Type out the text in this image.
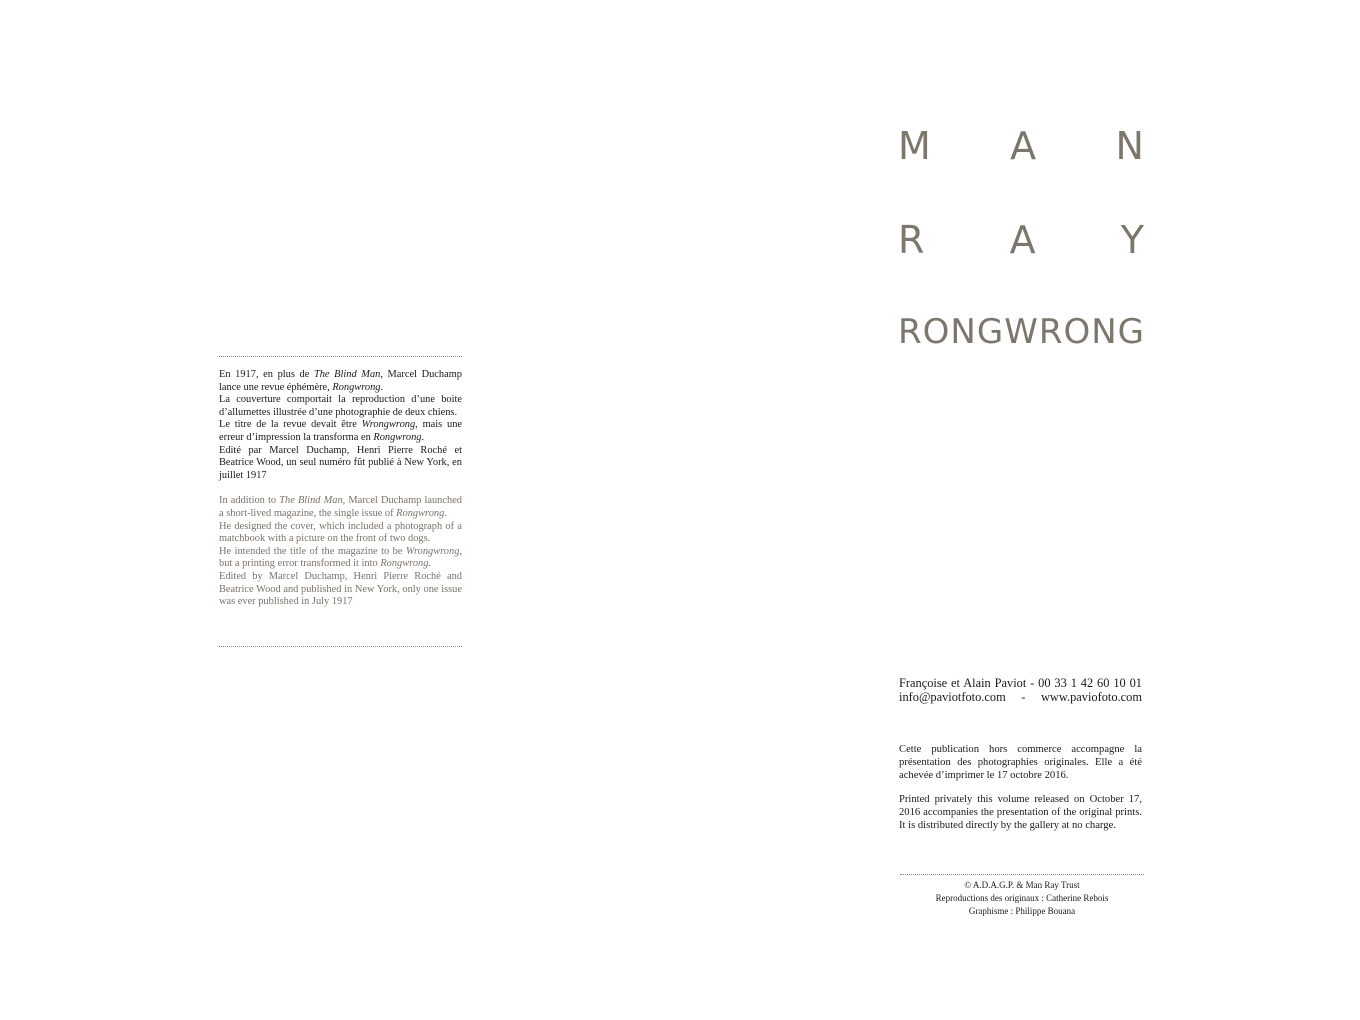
En 1917, en plus de The Blind Man, Marcel Duchamp lance une revue éphémère, Rongwrong.
La couverture comportait la reproduction d’une boite d’allumettes illustrée d’une photographie de deux chiens.
Le titre de la revue devait être Wrongwrong, mais une erreur d’impression la transforma en Rongwrong.
Edité par Marcel Duchamp, Henri Pierre Roché et Beatrice Wood, un seul numéro fût publié à New York, en juillet 1917

In addition to The Blind Man, Marcel Duchamp launched a short-lived magazine, the single issue of Rongwrong.
He designed the cover, which included a photograph of a matchbook with a picture on the front of two dogs.
He intended the title of the magazine to be Wrongwrong, but a printing error transformed it into Rongwrong.
Edited by Marcel Duchamp, Henri Pierre Roché and Beatrice Wood and published in New York, only one issue was ever published in July 1917

M A N
R A Y
R O N G W R O N G
Françoise et Alain Paviot - 00 33 1 42 60 10 01
info@paviotfoto.com - www.paviofoto.com

Cette publication hors commerce accompagne la présentation des photographies originales. Elle a été achevée d’imprimer le 17 octobre 2016.

Printed privately this volume released on October 17, 2016 accompanies the presentation of the original prints. It is distributed directly by the gallery at no charge.

© A.D.A.G.P. & Man Ray Trust
Reproductions des originaux : Catherine Rebois
Graphisme : Philippe Bouana
